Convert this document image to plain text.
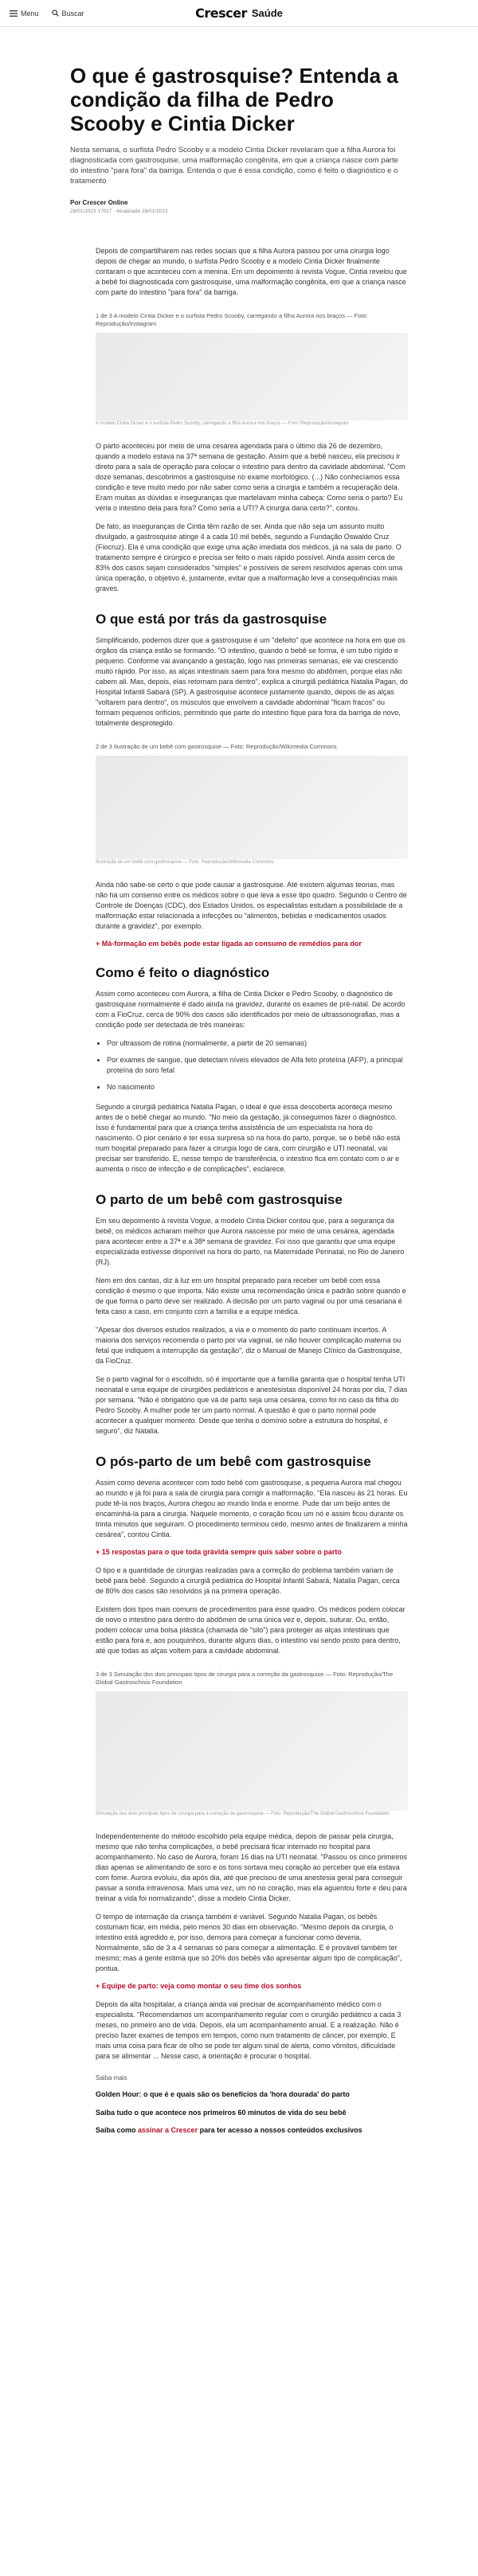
Menu	Buscar	Crescer Saúde
O que é gastrosquise? Entenda a condição da filha de Pedro Scooby e Cintia Dicker
Nesta semana, o surfista Pedro Scooby e a modelo Cintia Dicker revelaram que a filha Aurora foi diagnosticada com gastrosquise, uma malformação congênita, em que a criança nasce com parte do intestino "para fora" da barriga. Entenda o que é essa condição, como é feito o diagnóstico e o tratamento
Por Crescer Online
28/01/2023 17h27 · Atualizado 28/01/2023

Depois de compartilharem nas redes sociais que a filha Aurora passou por uma cirurgia logo depois de chegar ao mundo, o surfista Pedro Scooby e a modelo Cintia Dicker finalmente contaram o que aconteceu com a menina. Em um depoimento à revista Vogue, Cintia revelou que a bebê foi diagnosticada com gastrosquise, uma malformação congênita, em que a criança nasce com parte do intestino "para fora" da barriga.

1 de 3 A modelo Cintia Dicker e o surfista Pedro Scooby, carregando a filha Aurora nos braços — Foto: Reprodução/Instagram
A modelo Cintia Dicker e o surfista Pedro Scooby, carregando a filha Aurora nos braços — Foto: Reprodução/Instagram

O parto aconteceu por meio de uma cesárea agendada para o último dia 26 de dezembro, quando a modelo estava na 37ª semana de gestação. Assim que a bebê nasceu, ela precisou ir direto para a sala de operação para colocar o intestino para dentro da cavidade abdominal. "Com doze semanas, descobrimos a gastrosquise no exame morfológico. (...) Não conhecíamos essa condição e teve muito medo por não saber como seria a cirurgia e também a recuperação dela. Eram muitas as dúvidas e inseguranças que martelavam minha cabeça: Como seria o parto? Eu veria o intestino dela para fora? Como seria a UTI? A cirurgia daria certo?", contou.

De fato, as inseguranças de Cintia têm razão de ser. Ainda que não seja um assunto muito divulgado, a gastrosquise atinge 4 a cada 10 mil bebês, segundo a Fundação Oswaldo Cruz (Fiocruz). Ela é uma condição que exige uma ação imediata dos médicos, já na sala de parto. O tratamento sempre é cirúrgico e precisa ser feito o mais rápido possível. Ainda assim cerca de 83% dos casos sejam considerados "simples" e possíveis de serem resolvidos apenas com uma única operação, o objetivo é, justamente, evitar que a malformação leve a consequências mais graves.

O que está por trás da gastrosquise

Simplificando, podemos dizer que a gastrosquise é um "defeito" que acontece na hora em que os órgãos da criança estão se formando. "O intestino, quando o bebê se forma, é um tubo rígido e pequeno. Conforme vai avançando a gestação, logo nas primeiras semanas, ele vai crescendo muito rápido. Por isso, as alças intestinais saem para fora mesmo do abdômen, porque elas não cabem ali. Mas, depois, elas retornam para dentro", explica a cirurgiã pediátrica Natalia Pagan, do Hospital Infantil Sabará (SP). A gastrosquise acontece justamente quando, depois de as alças "voltarem para dentro", os músculos que envolvem a cavidade abdominal "ficam fracos" ou formam pequenos orifícios, permitindo que parte do intestino fique para fora da barriga de novo, totalmente desprotegido.

2 de 3 Ilustração de um bebê com gastrosquise — Foto: Reprodução/Wikimedia Commons
Ilustração de um bebê com gastrosquise — Foto: Reprodução/Wikimedia Commons

Ainda não sabe-se certo o que pode causar a gastrosquise. Até existem algumas teorias, mas não há um consenso entre os médicos sobre o que leva a esse tipo quadro. Segundo o Centro de Controle de Doenças (CDC), dos Estados Unidos, os especialistas estudam a possibilidade de a malformação estar relacionada a infecções ou "alimentos, bebidas e medicamentos usados durante a gravidez", por exemplo.

+ Má-formação em bebês pode estar ligada ao consumo de remédios para dor
Como é feito o diagnóstico

Assim como aconteceu com Aurora, a filha de Cintia Dicker e Pedro Scooby, o diagnóstico de gastrosquise normalmente é dado ainda na gravidez, durante os exames de pré-natal. De acordo com a FioCruz, cerca de 90% dos casos são identificados por meio de ultrassonografias, mas a condição pode ser detectada de três maneiras:

• Por ultrassom de rotina (normalmente, a partir de 20 semanas)
• Por exames de sangue, que detectam níveis elevados de Alfa feto proteína (AFP), a principal proteína do soro fetal
• No nascimento

Segundo a cirurgiã pediátrica Natalia Pagan, o ideal é que essa descoberta aconteça mesmo antes de o bebê chegar ao mundo. "No meio da gestação, já conseguimos fazer o diagnóstico. Isso é fundamental para que a criança tenha assistência de um especialista na hora do nascimento. O pior cenário é ter essa surpresa só na hora do parto, porque, se o bebê não está num hospital preparado para fazer a cirurgia logo de cara, com cirurgião e UTI neonatal, vai precisar ser transferido. E, nesse tempo de transferência, o intestino fica em contato com o ar e aumenta o risco de infecção e de complicações", esclarece.

O parto de um bebê com gastrosquise

Em seu depoimento à revista Vogue, a modelo Cintia Dicker contou que, para a segurança da bebê, os médicos acharam melhor que Aurora nascesse por meio de uma cesárea, agendada para acontecer entre a 37ª e a 38ª semana de gravidez. Foi isso que garantiu que uma equipe especializada estivesse disponível na hora do parto, na Maternidade Perinatal, no Rio de Janeiro (RJ).

Nem em dos cantas, diz à luz em um hospital preparado para receber um bebê com essa condição é mesmo o que importa. Não existe uma recomendação única e padrão sobre quando e de que forma o parto deve ser realizado. A decisão por um parto vaginal ou por uma cesariana é feita caso a caso, em conjunto com a família e a equipe médica.

"Apesar dos diversos estudos realizados, a via e o momento do parto continuam incertos. A maioria dos serviços recomenda o parto por via vaginal, se não houver complicação materna ou fetal que indiquem a interrupção da gestação", diz o Manual de Manejo Clínico da Gastrosquise, da FioCruz.

Se o parto vaginal for o escolhido, só é importante que a família garanta que o hospital tenha UTI neonatal e uma equipe de cirurgiões pediátricos e anestesistas disponível 24 horas por dia, 7 dias por semana. "Não é obrigatório que vá de parto seja uma cesárea, como foi no caso da filha do Pedro Scooby. A mulher pode ter um parto normal. A questão é que o parto normal pode acontecer a qualquer momento. Desde que tenha o domínio sobre a estrutura do hospital, é seguro", diz Natalia.

O pós-parto de um bebê com gastrosquise

Assim como deveria acontecer com todo bebê com gastrosquise, a pequena Aurora mal chegou ao mundo e já foi para a sala de cirurgia para corrigir a malformação. "Ela nasceu às 21 horas. Eu pude tê-la nos braços, Aurora chegou ao mundo linda e enorme. Pude dar um beijo antes de encaminhá-la para a cirurgia. Naquele momento, o coração ficou um nó e assim ficou durante os trinta minutos que seguiram. O procedimento terminou cedo, mesmo antes de finalizarem a minha cesárea", contou Cintia.

+ 15 respostas para o que toda grávida sempre quis saber sobre o parto

O tipo e a quantidade de cirurgias realizadas para a correção do problema também variam de bebê para bebê. Segundo a cirurgiã pediátrica do Hospital Infantil Sabará, Natalia Pagan, cerca de 80% dos casos são resolvidos já na primeira operação.

Existem dois tipos mais comuns de procedimentos para esse quadro. Os médicos podem colocar de novo o intestino para dentro do abdômen de uma única vez e, depois, suturar. Ou, então, podem colocar uma bolsa plástica (chamada de "silo") para proteger as alças intestinais que estão para fora e, aos pouquinhos, durante alguns dias, o intestino vai sendo posto para dentro, até que todas as alças voltem para a cavidade abdominal.

3 de 3 Simulação dos dois principais tipos de cirurgia para a correção da gastrosquise — Foto: Reprodução/The Global Gastroschisis Foundation
Simulação dos dois principais tipos de cirurgia para a correção da gastrosquise — Foto: Reprodução/The Global Gastroschisis Foundation

Independentemente do método escolhido pela equipe médica, depois de passar pela cirurgia, mesmo que não tenha complicações, o bebê precisará ficar internado no hospital para acompanhamento. No caso de Aurora, foram 16 dias na UTI neonatal. "Passou os cinco primeiros dias apenas se alimentando de soro e os tons sortava meu coração ao perceber que ela estava com fome. Aurora evoluiu, dia após dia, até que precisou de uma anestesia geral para conseguir passar a sonda intravenosa. Mais uma vez, um nó no coração, mas ela aguentou forte e deu para treinar a vida foi normalizando", disse a modelo Cintia Dicker.

O tempo de internação da criança também é variável. Segundo Natalia Pagan, os bebês costumam ficar, em média, pelo menos 30 dias em observação. "Mesmo depois da cirurgia, o intestino está agredido e, por isso, demora para começar a funcionar como deveria. Normalmente, são de 3 a 4 semanas só para começar a alimentação. E é provável também ter mesmo; mas a gente estima que só 20% dos bebês vão apresentar algum tipo de complicação", pontua.

+ Equipe de parto: veja como montar o seu time dos sonhos

Depois da alta hospitalar, a criança ainda vai precisar de acompanhamento médico com o especialista. "Recomendamos um acompanhamento regular com o cirurgião pediátrico a cada 3 meses, no primeiro ano de vida. Depois, ela um acompanhamento anual. E a realização. Não é preciso fazer exames de tempos em tempos, como num tratamento de câncer, por exemplo. E mais uma coisa para ficar de olho se pode ter algum sinal de alerta, como vômitos, dificuldade para se alimentar ... Nesse caso, a orientação é procurar o hospital.

Saiba mais
Golden Hour: o que é e quais são os benefícios da 'hora dourada' do parto
Saiba tudo o que acontece nos primeiros 60 minutos de vida do seu bebê
Saiba como assinar a Crescer para ter acesso a nossos conteúdos exclusivos
